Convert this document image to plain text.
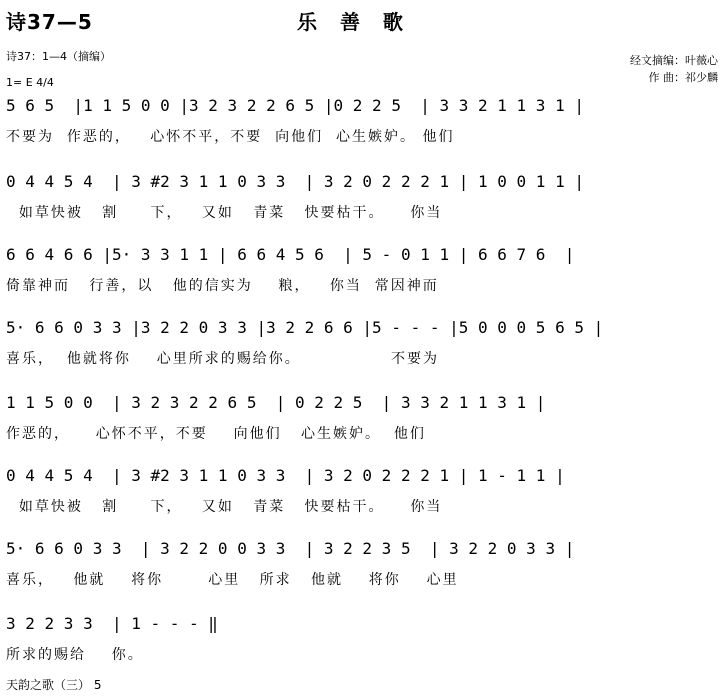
诗37—5	乐 善 歌
诗37：1—4（摘编）
1= E 4/4
经文摘编：叶薇心
作 曲：祁少麟
5 6 5  |1 1 5 0 0 |3 2 3 2 2 6 5 |0 2 2 5  | 3 3 2 1 1 3 1 |
不要为  作恶的，   心怀不平，不要  向他们  心生嫉妒。 他们
0 4 4 5 4  | 3 #2 3 1 1 0 3 3  | 3 2 0 2 2 2 1 | 1 0 0 1 1 |
如草快被   割     下，   又如   青菜   快要枯干。    你当
6 6 4 6 6 |5· 3 3 1 1 | 6 6 4 5 6  | 5 - 0 1 1 | 6 6 7 6  |
倚靠神而   行善，以   他的信实为    粮，   你当  常因神而
5· 6 6 0 3 3 |3 2 2 0 3 3 |3 2 2 6 6 |5 - - - |5 0 0 0 5 6 5 |
喜乐，  他就将你    心里所求的赐给你。              不要为
1 1 5 0 0  | 3 2 3 2 2 6 5  | 0 2 2 5  | 3 3 2 1 1 3 1 |
作恶的，    心怀不平，不要    向他们   心生嫉妒。  他们
0 4 4 5 4  | 3 #2 3 1 1 0 3 3  | 3 2 0 2 2 2 1 | 1 - 1 1 |
如草快被   割     下，   又如   青菜   快要枯干。    你当
5· 6 6 0 3 3  | 3 2 2 0 0 3 3  | 3 2 2 3 5  | 3 2 2 0 3 3 |
喜乐，   他就    将你       心里   所求   他就    将你    心里
3 2 2 3 3  | 1 - - - ‖
所求的赐给    你。
天韵之歌（三） 5
